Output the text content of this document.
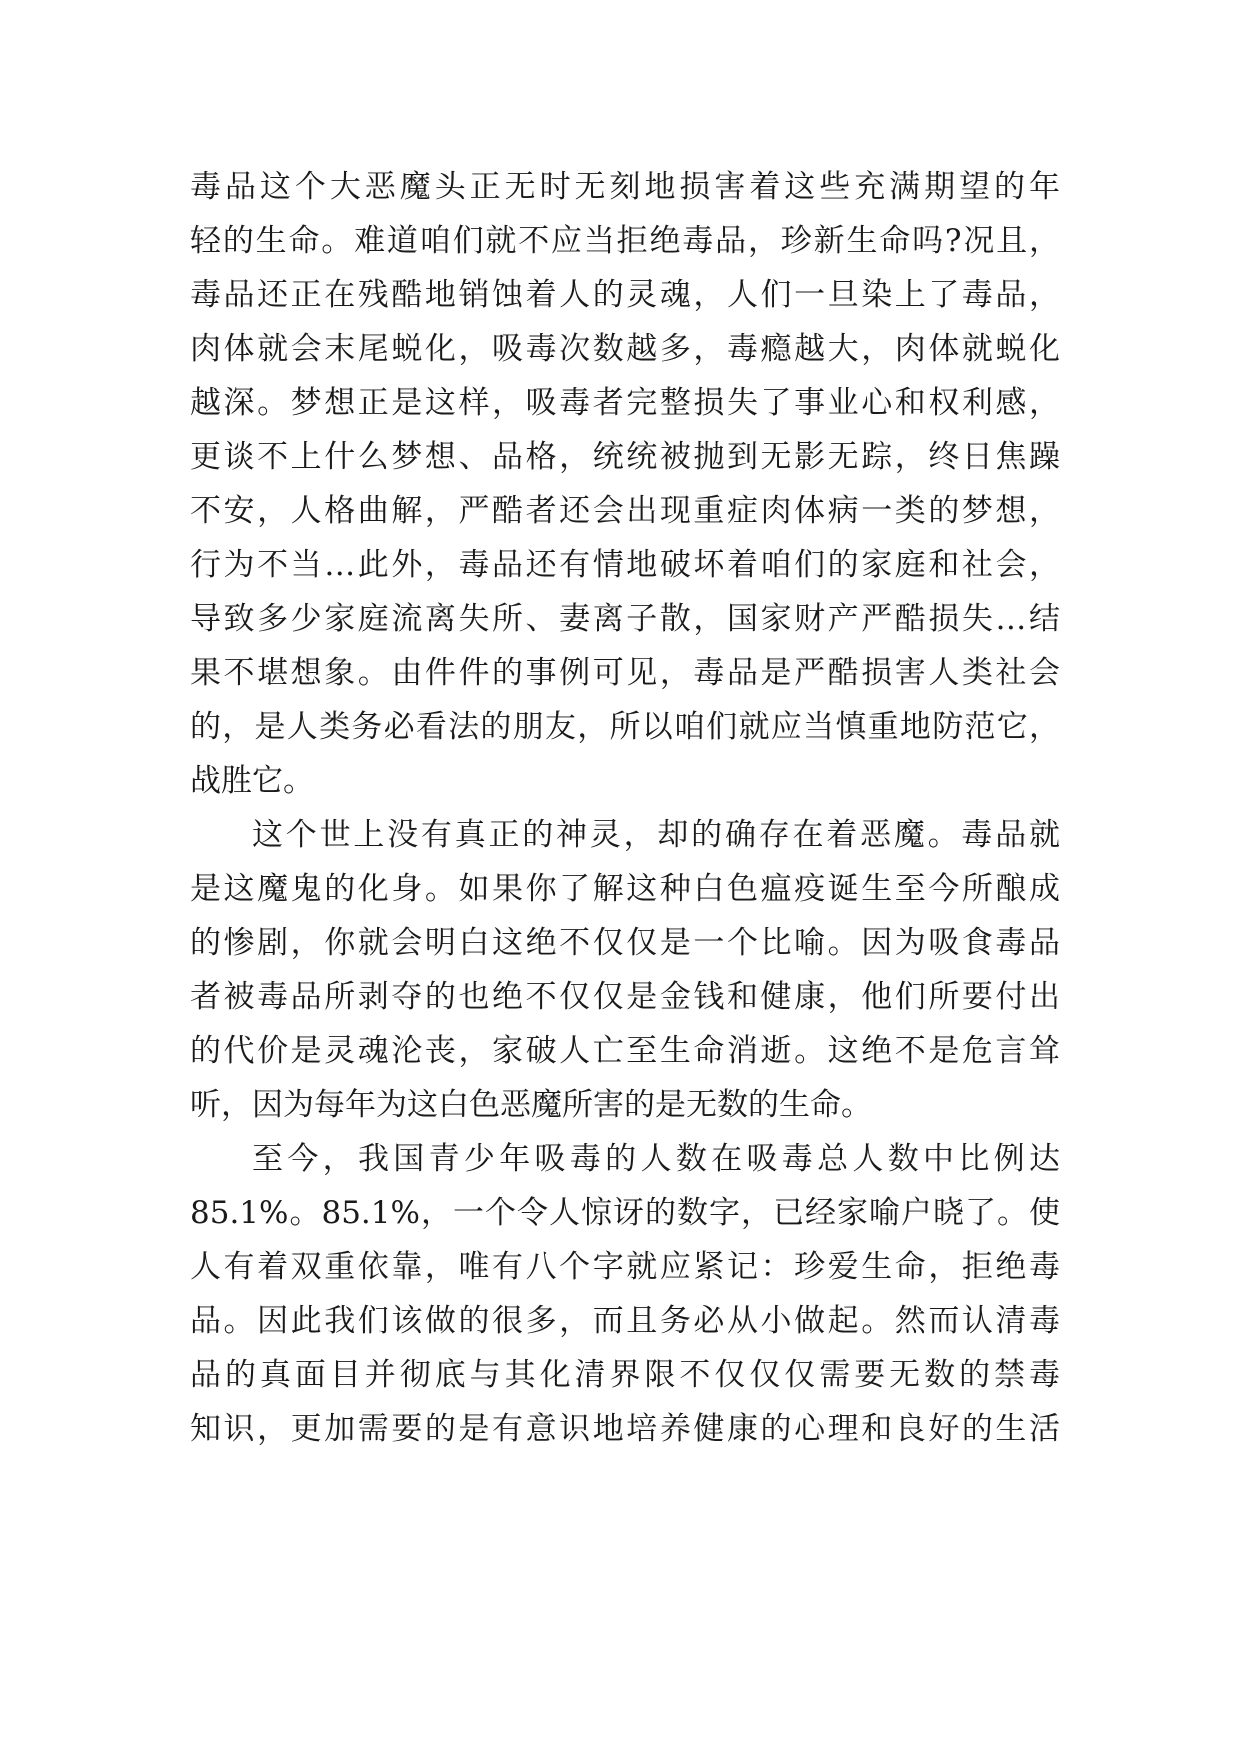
毒品这个大恶魔头正无时无刻地损害着这些充满期望的年
轻的生命。难道咱们就不应当拒绝毒品，珍新生命吗?况且，
毒品还正在残酷地销蚀着人的灵魂，人们一旦染上了毒品，
肉体就会末尾蜕化，吸毒次数越多，毒瘾越大，肉体就蜕化
越深。梦想正是这样，吸毒者完整损失了事业心和权利感，
更谈不上什么梦想、品格，统统被抛到无影无踪，终日焦躁
不安，人格曲解，严酷者还会出现重症肉体病一类的梦想，
行为不当…此外，毒品还有情地破坏着咱们的家庭和社会，
导致多少家庭流离失所、妻离子散，国家财产严酷损失…结
果不堪想象。由件件的事例可见，毒品是严酷损害人类社会
的，是人类务必看法的朋友，所以咱们就应当慎重地防范它，
战胜它。
这个世上没有真正的神灵，却的确存在着恶魔。毒品就
是这魔鬼的化身。如果你了解这种白色瘟疫诞生至今所酿成
的惨剧，你就会明白这绝不仅仅是一个比喻。因为吸食毒品
者被毒品所剥夺的也绝不仅仅是金钱和健康，他们所要付出
的代价是灵魂沦丧，家破人亡至生命消逝。这绝不是危言耸
听，因为每年为这白色恶魔所害的是无数的生命。
至今，我国青少年吸毒的人数在吸毒总人数中比例达
85.1%。85.1%，一个令人惊讶的数字，已经家喻户晓了。使
人有着双重依靠，唯有八个字就应紧记：珍爱生命，拒绝毒
品。因此我们该做的很多，而且务必从小做起。然而认清毒
品的真面目并彻底与其化清界限不仅仅仅需要无数的禁毒
知识，更加需要的是有意识地培养健康的心理和良好的生活
